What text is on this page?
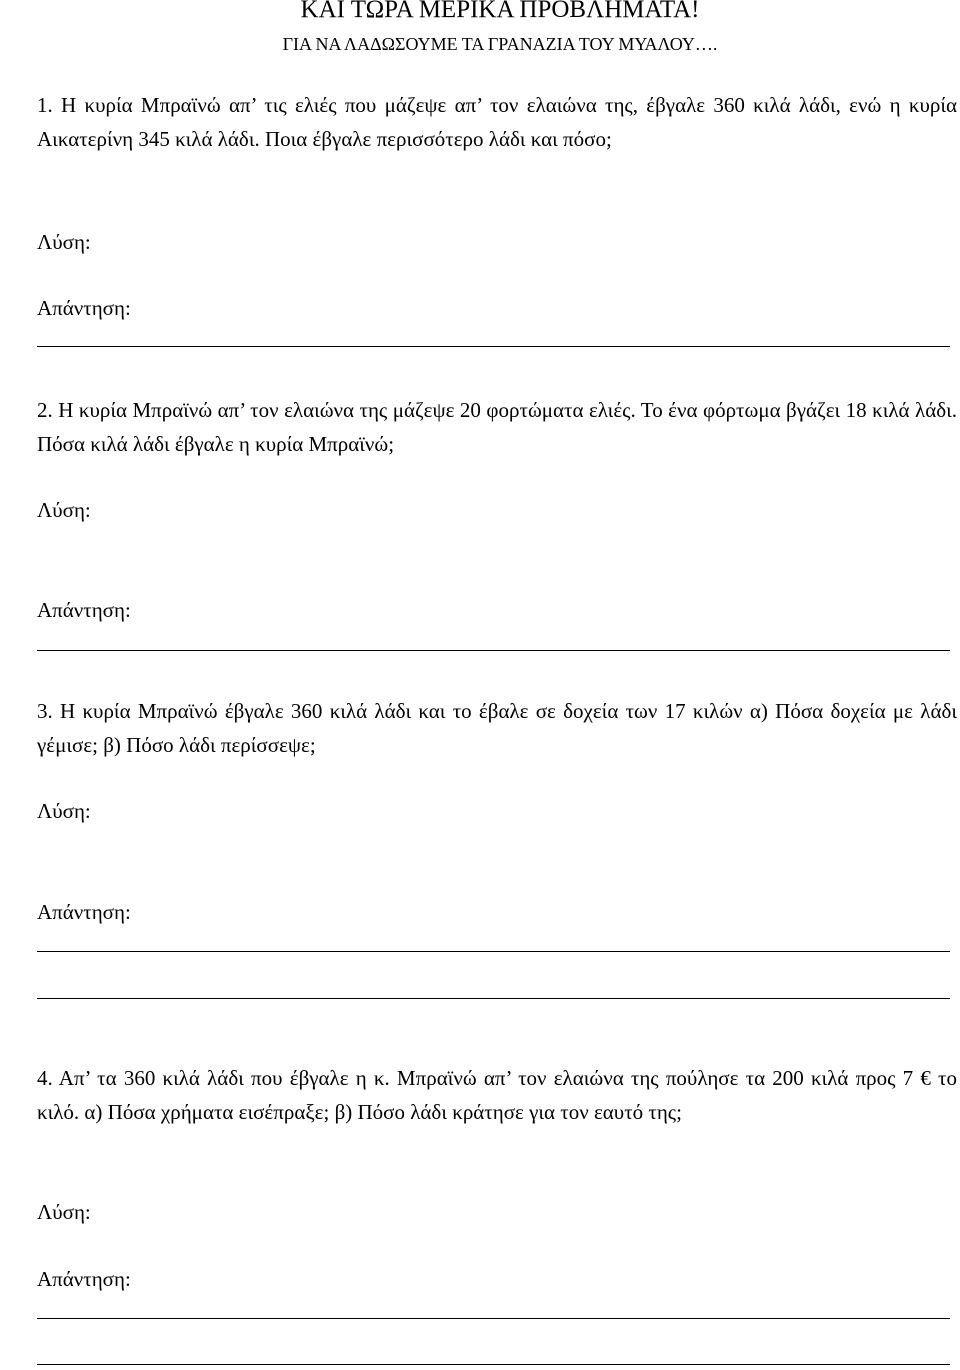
ΚΑΙ ΤΩΡΑ ΜΕΡΙΚΑ ΠΡΟΒΛΗΜΑΤΑ!
ΓΙΑ ΝΑ ΛΑΔΩΣΟΥΜΕ ΤΑ ΓΡΑΝΑΖΙΑ ΤΟΥ ΜΥΑΛΟΥ….

1. Η κυρία Μπραϊνώ απ’ τις ελιές που μάζεψε απ’ τον ελαιώνα της, έβγαλε 360 κιλά λάδι, ενώ η κυρία Αικατερίνη 345 κιλά λάδι. Ποια έβγαλε περισσότερο λάδι και πόσο;

Λύση:
Απάντηση:

2. Η κυρία Μπραϊνώ απ’ τον ελαιώνα της μάζεψε 20 φορτώματα ελιές. Το ένα φόρτωμα βγάζει 18 κιλά λάδι. Πόσα κιλά λάδι έβγαλε η κυρία Μπραϊνώ;

Λύση:
Απάντηση:

3. Η κυρία Μπραϊνώ έβγαλε 360 κιλά λάδι και το έβαλε σε δοχεία των 17 κιλών α) Πόσα δοχεία με λάδι γέμισε; β) Πόσο λάδι περίσσεψε;

Λύση:
Απάντηση:

4. Απ’ τα 360 κιλά λάδι που έβγαλε η κ. Μπραϊνώ απ’ τον ελαιώνα της πούλησε τα 200 κιλά προς 7 € το κιλό. α) Πόσα χρήματα εισέπραξε; β) Πόσο λάδι κράτησε για τον εαυτό της;

Λύση:
Απάντηση:
